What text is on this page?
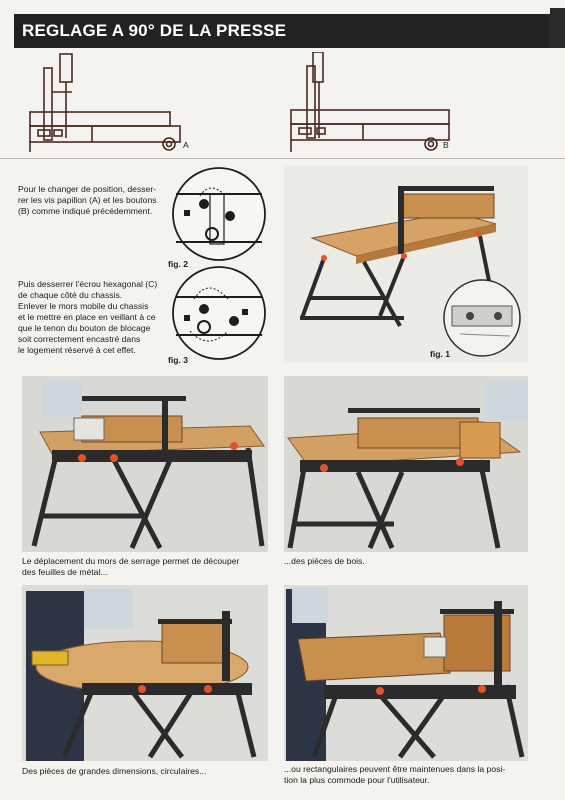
REGLAGE A 90° DE LA PRESSE
A	B
Pour le changer de position, desser-
rer les vis papillon (A) et les boutons
(B) comme indiqué précédemment.
fig. 2
Puis desserrer l'écrou hexagonal (C)
de chaque côté du chassis.
Enlever le mors mobile du chassis
et le mettre en place en veillant à ce
que le tenon du bouton de blocage
soit correctement encastré dans
le logement réservé à cet effet.
fig. 3
fig. 1
Le déplacement du mors de serrage permet de découper
des feuilles de métal...
...des pièces de bois.
Des pièces de grandes dimensions, circulaires...	...ou rectangulaires peuvent être maintenues dans la posi-
tion la plus commode pour l'utilisateur.
